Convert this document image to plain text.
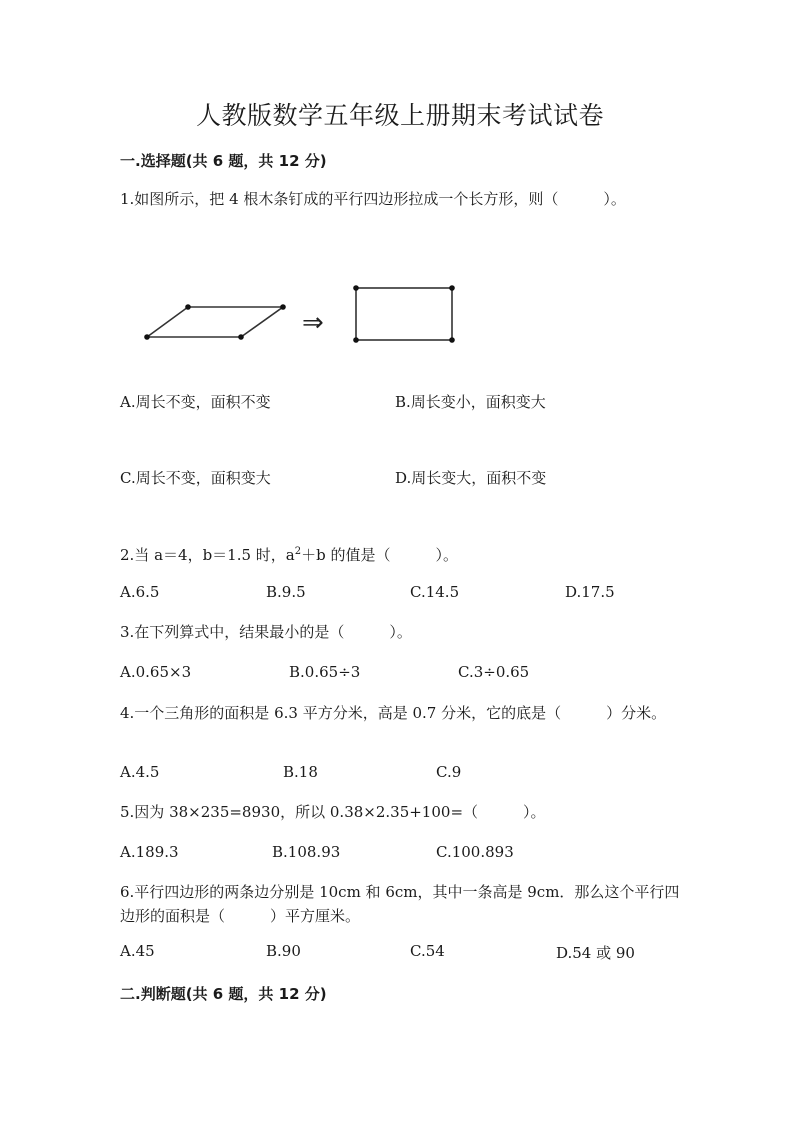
人教版数学五年级上册期末考试试卷
一.选择题(共 6 题，共 12 分)
1.如图所示，把 4 根木条钉成的平行四边形拉成一个长方形，则（　　　）。
⇒
A.周长不变，面积不变	B.周长变小，面积变大
C.周长不变，面积变大	D.周长变大，面积不变
2.当 a＝4，b＝1.5 时，$a^2+b$ 的值是（　　　）。
A.6.5	B.9.5	C.14.5	D.17.5
3.在下列算式中，结果最小的是（　　　）。
A.0.65×3	B.0.65÷3	C.3÷0.65
4.一个三角形的面积是 6.3 平方分米，高是 0.7 分米，它的底是（　　　）分米。
A.4.5	B.18	C.9
5.因为 38×235=8930，所以 0.38×2.35+100=（　　　）。
A.189.3	B.108.93	C.100.893
6.平行四边形的两条边分别是 10cm 和 6cm，其中一条高是 9cm．那么这个平行四边形的面积是（　　　）平方厘米。
A.45	B.90	C.54	D.54 或 90
二.判断题(共 6 题，共 12 分)
